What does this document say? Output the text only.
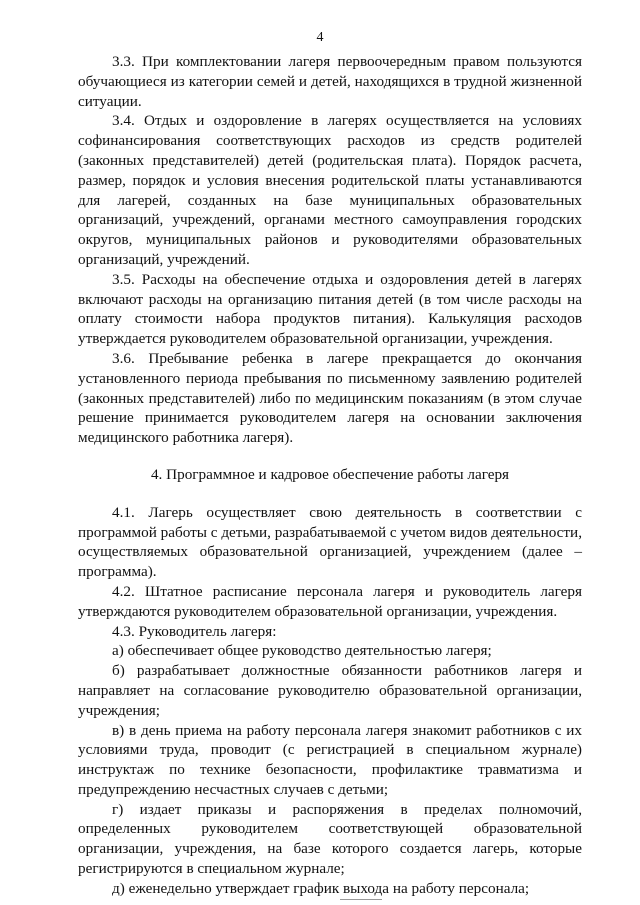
4

3.3. При комплектовании лагеря первоочередным правом пользуются обучающиеся из категории семей и детей, находящихся в трудной жизненной ситуации.

3.4. Отдых и оздоровление в лагерях осуществляется на условиях софинансирования соответствующих расходов из средств родителей (законных представителей) детей (родительская плата). Порядок расчета, размер, порядок и условия внесения родительской платы устанавливаются для лагерей, созданных на базе муниципальных образовательных организаций, учреждений, органами местного самоуправления городских округов, муниципальных районов и руководителями образовательных организаций, учреждений.

3.5. Расходы на обеспечение отдыха и оздоровления детей в лагерях включают расходы на организацию питания детей (в том числе расходы на оплату стоимости набора продуктов питания). Калькуляция расходов утверждается руководителем образовательной организации, учреждения.

3.6. Пребывание ребенка в лагере прекращается до окончания установленного периода пребывания по письменному заявлению родителей (законных представителей) либо по медицинским показаниям (в этом случае решение принимается руководителем лагеря на основании заключения медицинского работника лагеря).

4. Программное и кадровое обеспечение работы лагеря

4.1. Лагерь осуществляет свою деятельность в соответствии с программой работы с детьми, разрабатываемой с учетом видов деятельности, осуществляемых образовательной организацией, учреждением (далее – программа).

4.2. Штатное расписание персонала лагеря и руководитель лагеря утверждаются руководителем образовательной организации, учреждения.

4.3. Руководитель лагеря:

а) обеспечивает общее руководство деятельностью лагеря;

б) разрабатывает должностные обязанности работников лагеря и направляет на согласование руководителю образовательной организации, учреждения;

в) в день приема на работу персонала лагеря знакомит работников с их условиями труда, проводит (с регистрацией в специальном журнале) инструктаж по технике безопасности, профилактике травматизма и предупреждению несчастных случаев с детьми;

г) издает приказы и распоряжения в пределах полномочий, определенных руководителем соответствующей образовательной организации, учреждения, на базе которого создается лагерь, которые регистрируются в специальном журнале;

д) еженедельно утверждает график выхода на работу персонала;
